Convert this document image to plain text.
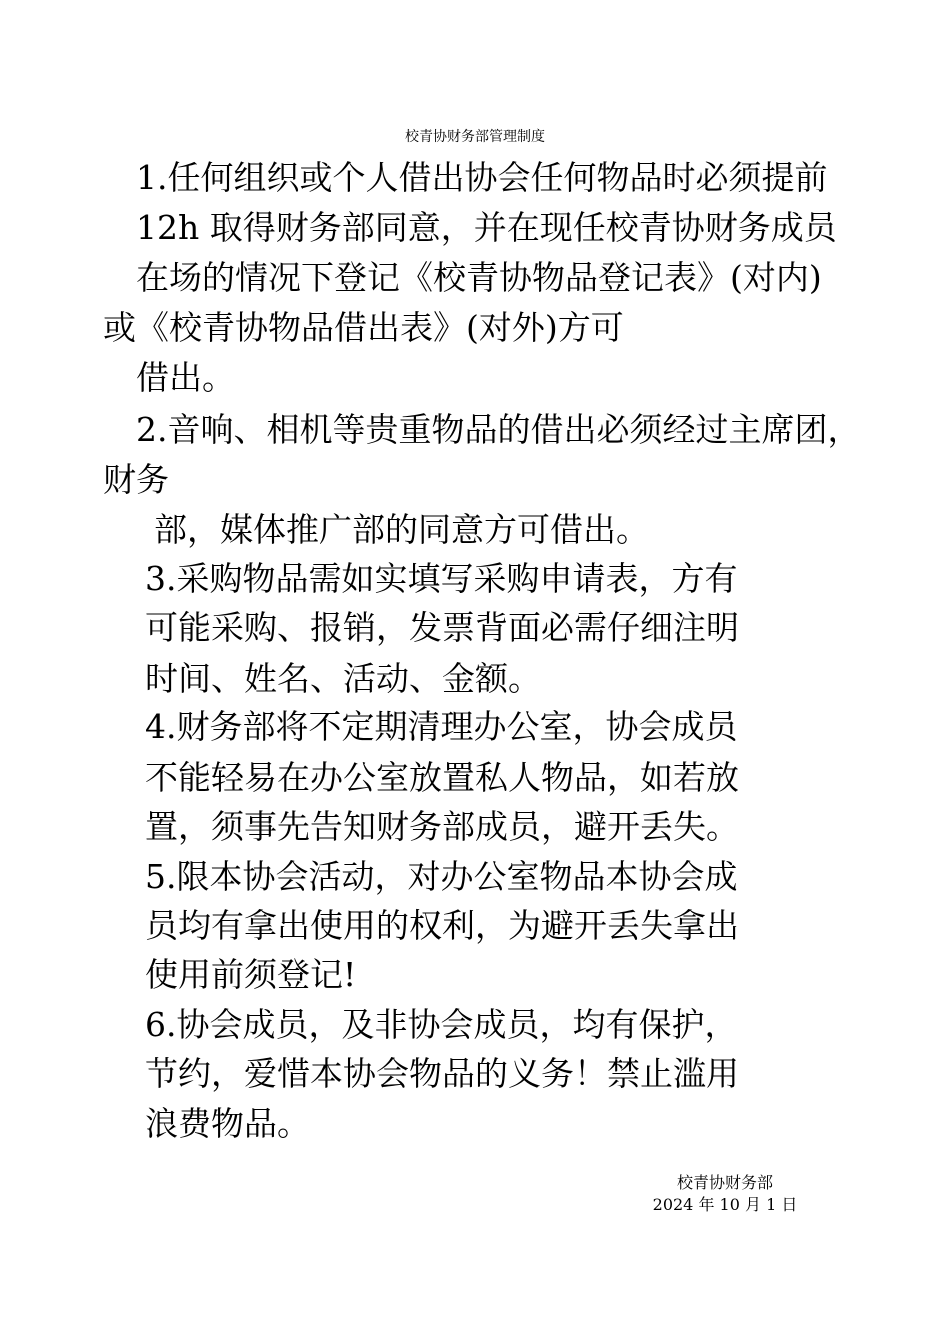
校青协财务部管理制度
1.任何组织或个人借出协会任何物品时必须提前
12h 取得财务部同意，并在现任校青协财务成员
在场的情况下登记《校青协物品登记表》(对内)
或《校青协物品借出表》(对外)方可
借出。
2.音响、相机等贵重物品的借出必须经过主席团，
财务
部，媒体推广部的同意方可借出。
3.采购物品需如实填写采购申请表，方有
可能采购、报销，发票背面必需仔细注明
时间、姓名、活动、金额。
4.财务部将不定期清理办公室，协会成员
不能轻易在办公室放置私人物品，如若放
置，须事先告知财务部成员，避开丢失。
5.限本协会活动，对办公室物品本协会成
员均有拿出使用的权利，为避开丢失拿出
使用前须登记!
6.协会成员，及非协会成员，均有保护，
节约，爱惜本协会物品的义务！禁止滥用
浪费物品。
校青协财务部
2024 年 10 月 1 日
